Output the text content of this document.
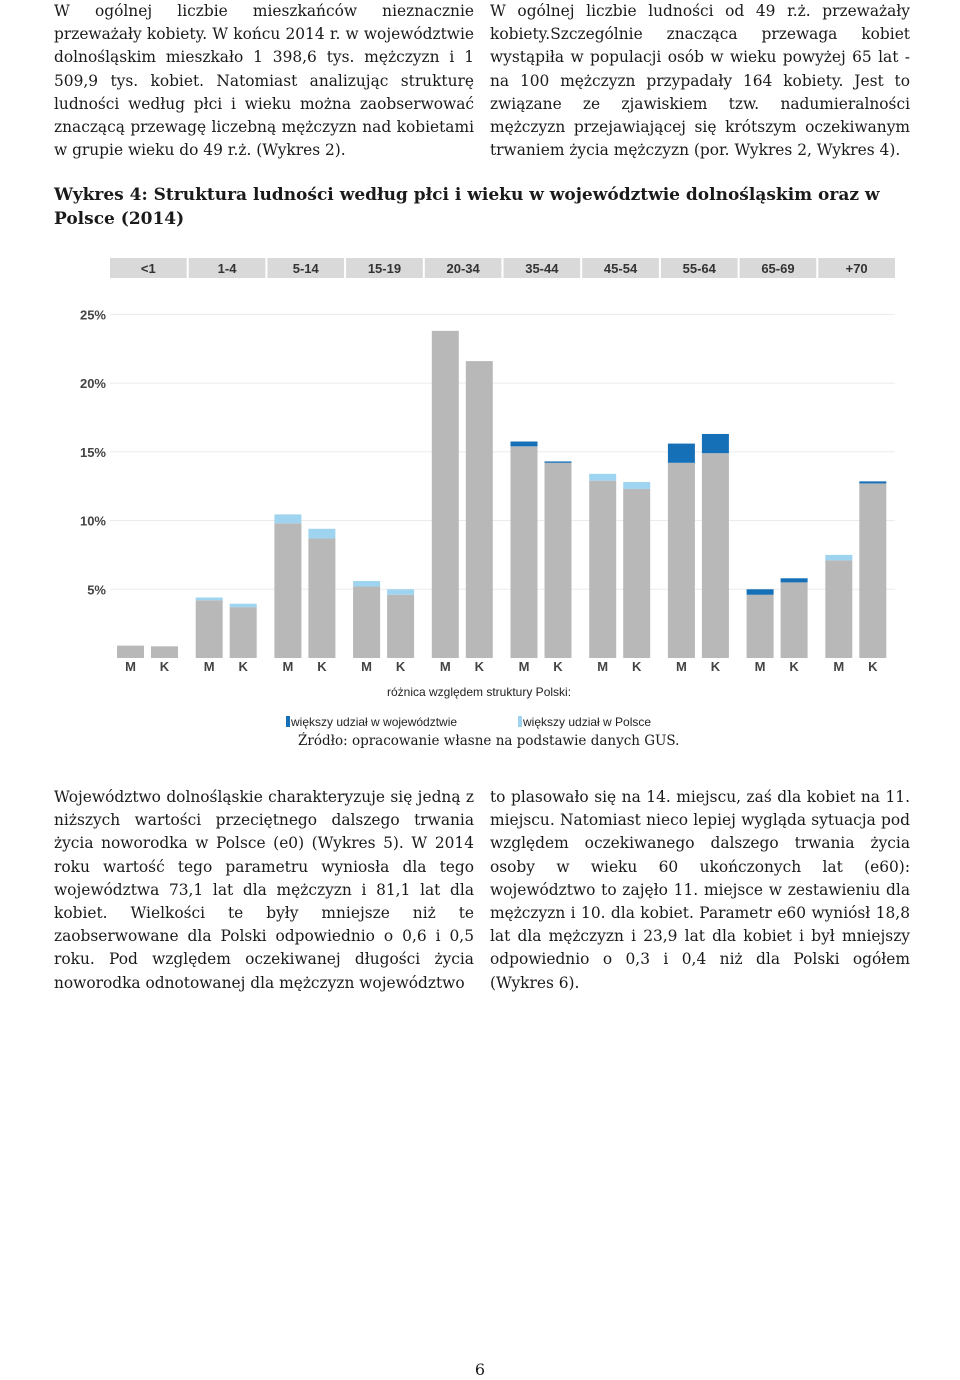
W ogólnej liczbie mieszkańców nieznacznie przeważały kobiety. W końcu 2014 r. w województwie dolnośląskim mieszkało 1 398,6 tys. mężczyzn i 1 509,9 tys. kobiet. Natomiast analizując strukturę ludności według płci i wieku można zaobserwować znaczącą przewagę liczebną mężczyzn nad kobietami w grupie wieku do 49 r.ż. (Wykres 2).
W ogólnej liczbie ludności od 49 r.ż. przeważały kobiety.Szczególnie znacząca przewaga kobiet wystąpiła w populacji osób w wieku powyżej 65 lat - na 100 mężczyzn przypadały 164 kobiety. Jest to związane ze zjawiskiem tzw. nadumieralności mężczyzn przejawiającej się krótszym oczekiwanym trwaniem życia mężczyzn (por. Wykres 2, Wykres 4).
Wykres 4: Struktura ludności według płci i wieku w województwie dolnośląskim oraz w Polsce (2014)
<1	1-4	5-14	15-19	20-34	35-44	45-54	55-64	65-69	+70
5%
10%
15%
20%
25%
M K	M K	M K	M K	M K	M K	M K	M K	M K	M K
różnica względem struktury Polski:
większy udział w województwie	większy udział w Polsce
Źródło: opracowanie własne na podstawie danych GUS.
Województwo dolnośląskie charakteryzuje się jedną z niższych wartości przeciętnego dalszego trwania życia noworodka w Polsce (e0) (Wykres 5). W 2014 roku wartość tego parametru wyniosła dla tego województwa 73,1 lat dla mężczyzn i 81,1 lat dla kobiet. Wielkości te były mniejsze niż te zaobserwowane dla Polski odpowiednio o 0,6 i 0,5 roku. Pod względem oczekiwanej długości życia noworodka odnotowanej dla mężczyzn województwo
to plasowało się na 14. miejscu, zaś dla kobiet na 11. miejscu. Natomiast nieco lepiej wygląda sytuacja pod względem oczekiwanego dalszego trwania życia osoby w wieku 60 ukończonych lat (e60): województwo to zajęło 11. miejsce w zestawieniu dla mężczyzn i 10. dla kobiet. Parametr e60 wyniósł 18,8 lat dla mężczyzn i 23,9 lat dla kobiet i był mniejszy odpowiednio o 0,3 i 0,4 niż dla Polski ogółem (Wykres 6).
6
